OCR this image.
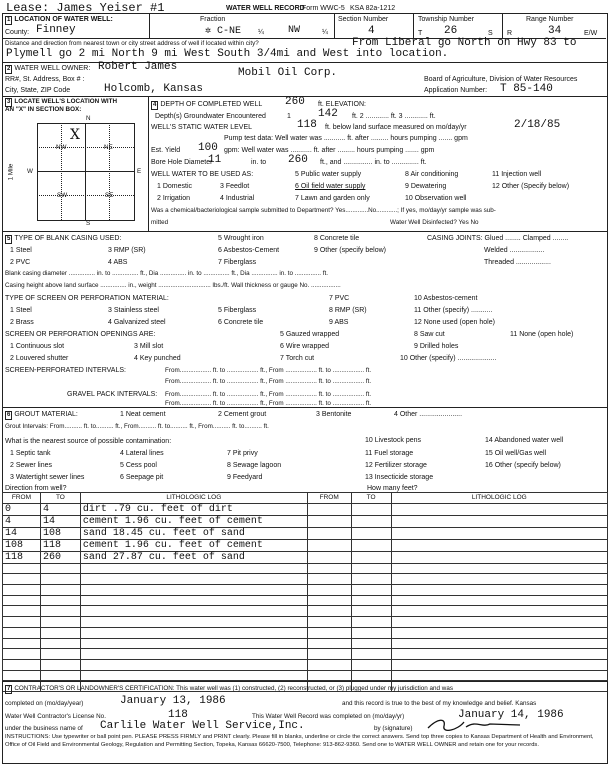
Lease: James Yeiser #1	WATER WELL RECORD
Form WWC-5 KSA 82a-1212
1 LOCATION OF WATER WELL:
County: Finney
Fraction
✲ C-NE ¼ NW	¼
Section Number
4
Township Number
T 26	S
Range Number
R	34	E/W
Distance and direction from nearest town or city street address of well if located within city?	From Liberal go North on Hwy 83 to
Plymell go 2 mi North 9 mi West South 3/4mi and West into location.
2 WATER WELL OWNER: Robert James	Mobil Oil Corp.
RR#, St. Address, Box # :	Board of Agriculture, Division of Water Resources
City, State, ZIP Code	Holcomb, Kansas	Application Number: T 85-140
3 LOCATE WELL'S LOCATION WITH
AN "X" IN SECTION BOX:
N
S
W	E
1 Mile
NW	NE
SW	SE
X
4 DEPTH OF COMPLETED WELL 260 ft. ELEVATION:
Depth(s) Groundwater Encountered	1 142 ft. 2 ............ ft. 3 ............ ft.
WELL'S STATIC WATER LEVEL	118 ft. below land surface measured on mo/day/yr	2/18/85
Pump test data: Well water was ........... ft. after ......... hours pumping ....... gpm
Est. Yield 100 gpm: Well water was ........... ft. after ......... hours pumping ....... gpm
Bore Hole Diameter
11	in. to 260 ft., and ............... in. to .............. ft.
WELL WATER TO BE USED AS:	5 Public water supply	8 Air conditioning	11 Injection well
1 Domestic	3 Feedlot	6 Oil field water supply	9 Dewatering	12 Other (Specify below)
2 Irrigation	4 Industrial	7 Lawn and garden only	10 Observation well
Was a chemical/bacteriological sample submitted to Department? Yes.............No............; If yes, mo/day/yr sample was sub-
mitted	Water Well Disinfected? Yes No
5 TYPE OF BLANK CASING USED:	5 Wrought iron	8 Concrete tile	CASING JOINTS: Glued ........ Clamped ........
1 Steel	3 RMP (SR)	6 Asbestos-Cement	9 Other (specify below)	Welded ..................
2 PVC	4 ABS	7 Fiberglass	Threaded ..................
Blank casing diameter ............... in. to ............... ft., Dia ............... in. to ............... ft., Dia ............... in. to ............... ft.
Casing height above land surface ............... in., weight .............................. lbs./ft. Wall thickness or gauge No. .................
TYPE OF SCREEN OR PERFORATION MATERIAL:	7 PVC	10 Asbestos-cement
1 Steel	3 Stainless steel	5 Fiberglass	8 RMP (SR)	11 Other (specify) ...........
2 Brass	4 Galvanized steel	6 Concrete tile	9 ABS	12 None used (open hole)
SCREEN OR PERFORATION OPENINGS ARE:	5 Gauzed wrapped	8 Saw cut	11 None (open hole)
1 Continuous slot	3 Mill slot	6 Wire wrapped	9 Drilled holes
2 Louvered shutter	4 Key punched	7 Torch cut	10 Other (specify) ....................
SCREEN-PERFORATED INTERVALS:	From.................. ft. to .................. ft., From .................. ft. to .................. ft.
From.................. ft. to .................. ft., From .................. ft. to .................. ft.
GRAVEL PACK INTERVALS: From.................. ft. to .................. ft., From .................. ft. to .................. ft.
From.................. ft. to .................. ft., From .................. ft. to .................. ft.
6 GROUT MATERIAL:	1 Neat cement	2 Cement grout	3 Bentonite	4 Other ......................
Grout Intervals: From.......... ft. to.......... ft., From.......... ft. to.......... ft., From.......... ft. to.......... ft.
What is the nearest source of possible contamination:	10 Livestock pens	14 Abandoned water well
1 Septic tank	4 Lateral lines	7 Pit privy	11 Fuel storage	15 Oil well/Gas well
2 Sewer lines	5 Cess pool	8 Sewage lagoon	12 Fertilizer storage	16 Other (specify below)
3 Watertight sewer lines	6 Seepage pit	9 Feedyard	13 Insecticide storage
Direction from well?	How many feet?
FROM	TO	LITHOLOGIC LOG	FROM	TO	LITHOLOGIC LOG
0	4	dirt .79 cu. feet of dirt			
4	14	cement 1.96 cu. feet of cement			
14	108	sand 18.45 cu. feet of sand			
108	118	cement 1.96 cu. feet of cement			
118	260	sand 27.87 cu. feet of sand			

7 CONTRACTOR'S OR LANDOWNER'S CERTIFICATION: This water well was (1) constructed, (2) reconstructed, or (3) plugged under my jurisdiction and was
completed on (mo/day/year)	January 13, 1986	and this record is true to the best of my knowledge and belief. Kansas
Water Well Contractor's License No.	118	This Water Well Record was completed on (mo/day/yr)	January 14, 1986
under the business name of Carlile Water Well Service,Inc.	by (signature)
INSTRUCTIONS: Use typewriter or ball point pen. PLEASE PRESS FIRMLY and PRINT clearly. Please fill in blanks, underline or circle the correct answers. Send top three copies to Kansas Department of Health and Environment, Office of Oil Field and Environmental Geology, Regulation and Permitting Section, Topeka, Kansas 66620-7500, Telephone: 913-862-9360. Send one to WATER WELL OWNER and retain one for your records.
